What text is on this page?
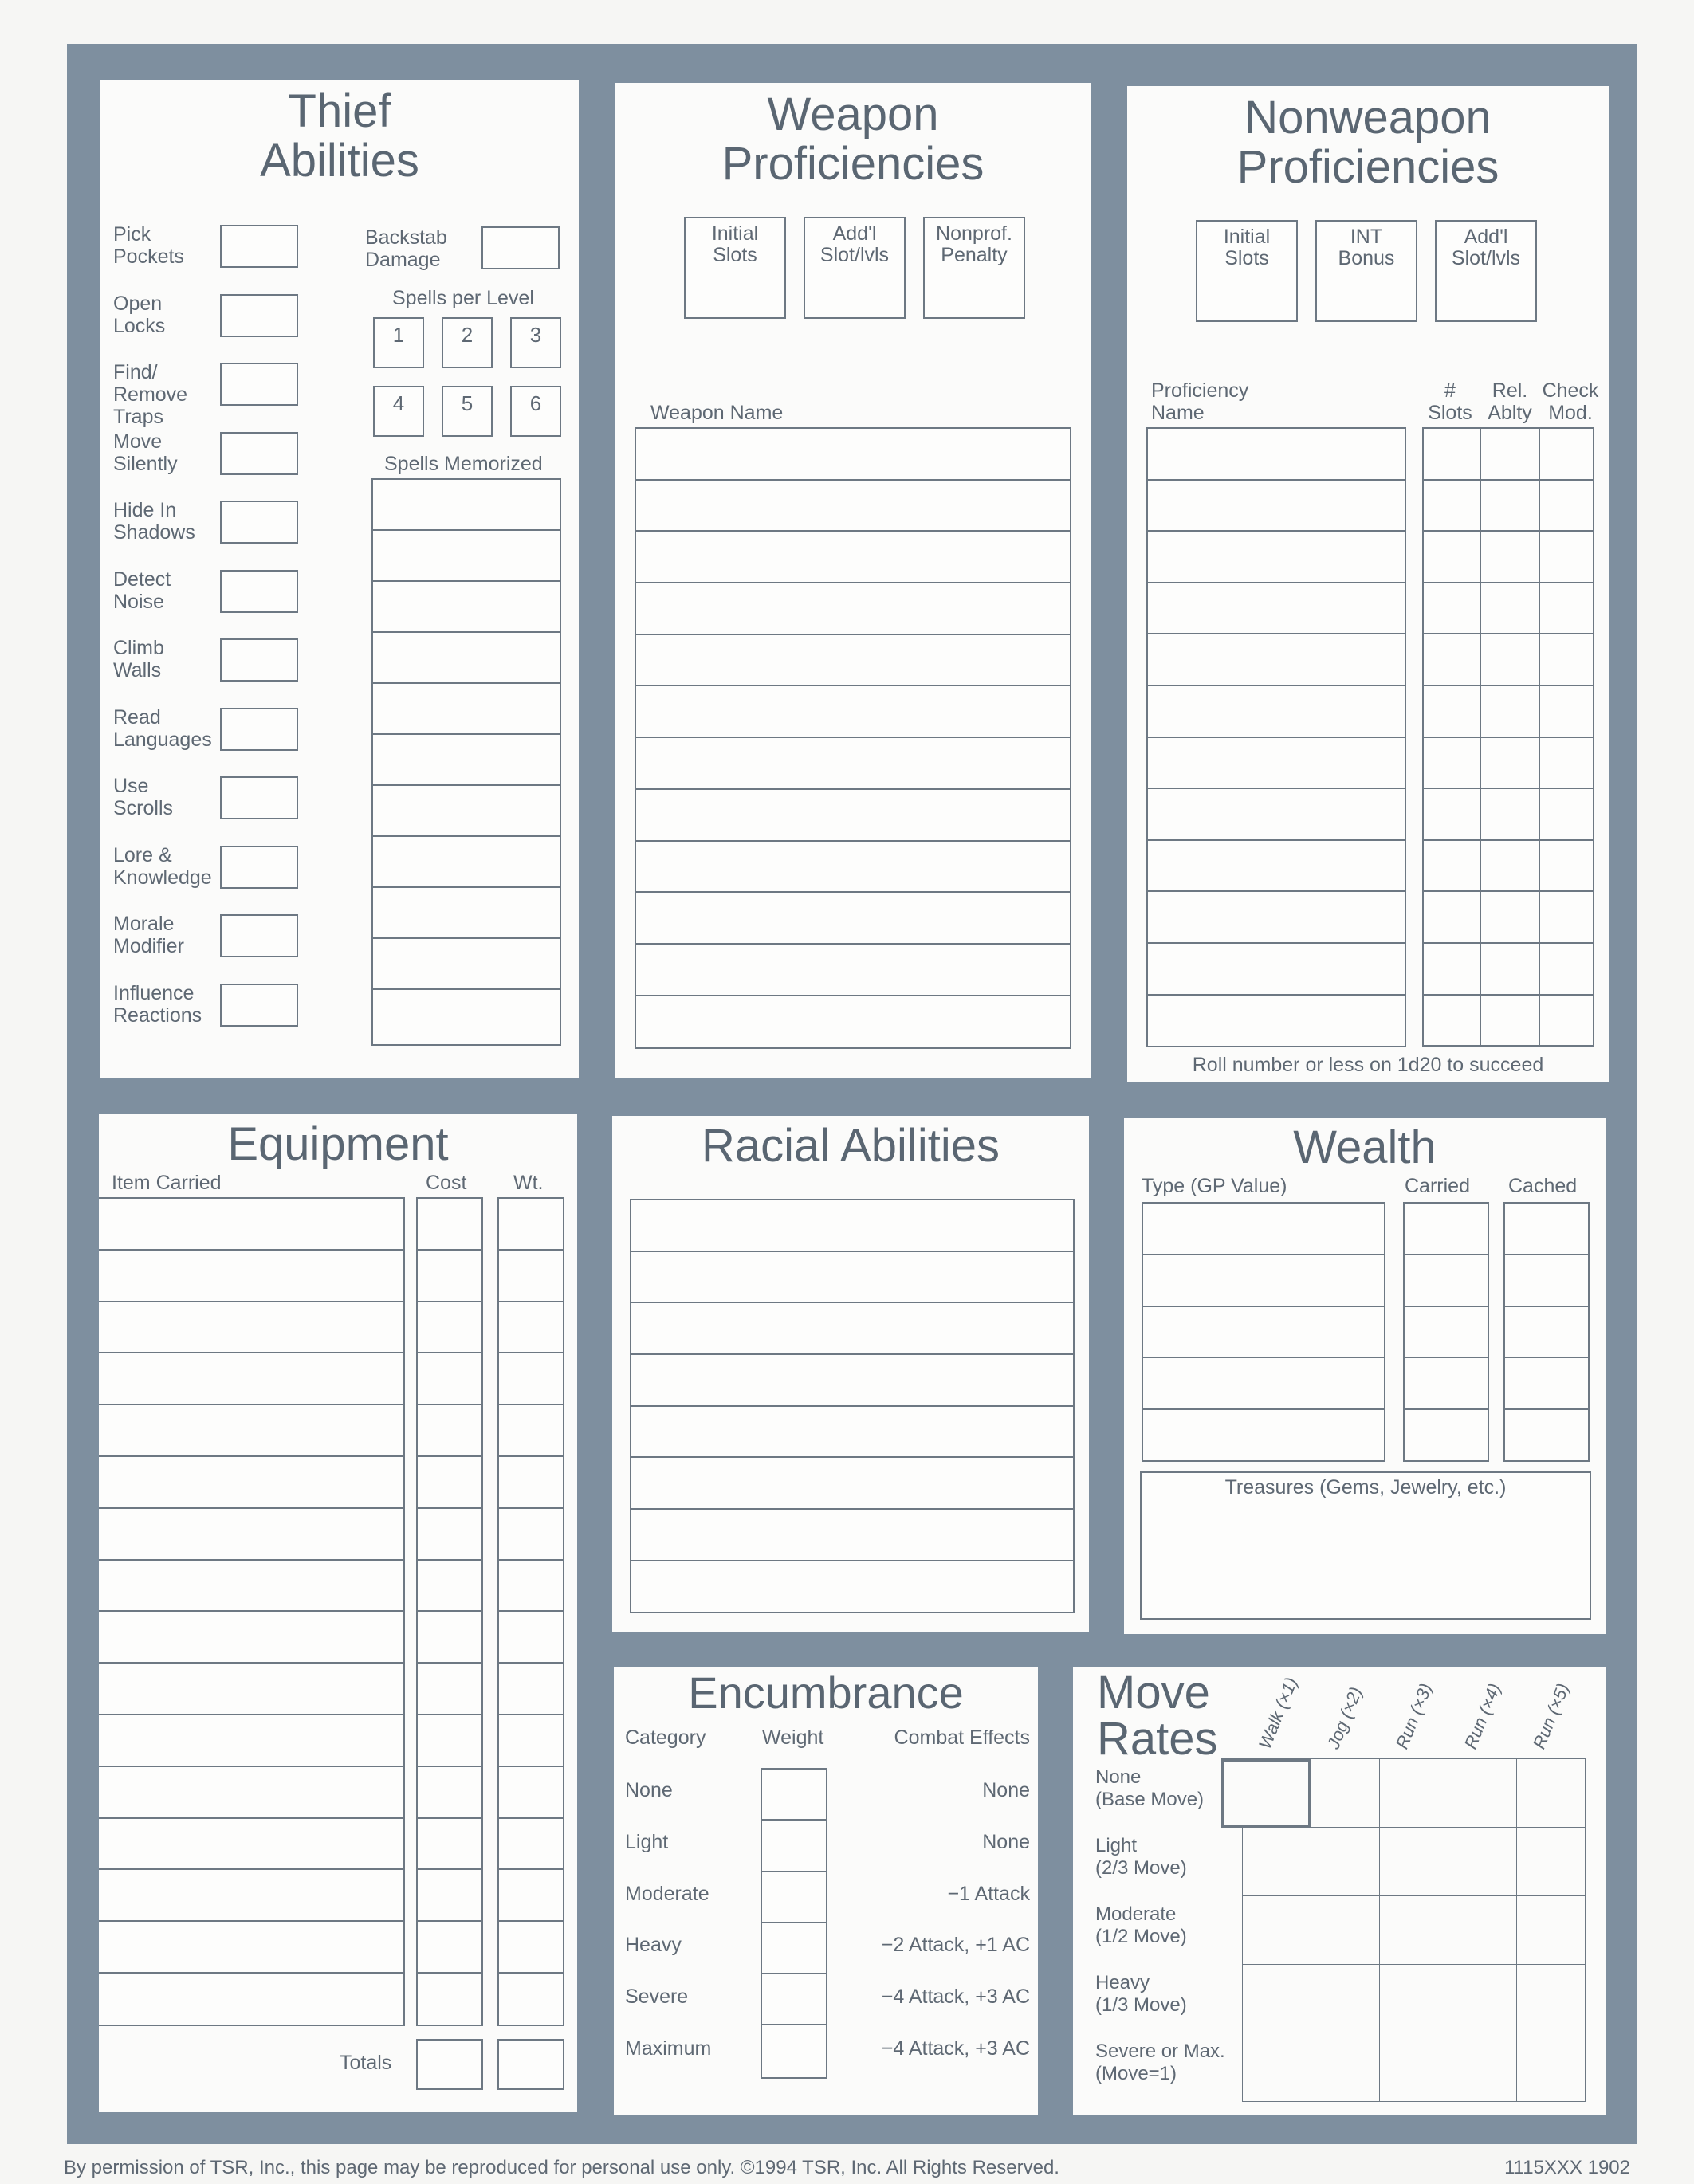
Thief
Abilities
Pick
Pockets
Open
Locks
Find/
Remove
Traps
Move
Silently
Hide In
Shadows
Detect
Noise
Climb
Walls
Read
Languages
Use
Scrolls
Lore &
Knowledge
Morale
Modifier
Influence
Reactions
Backstab
Damage
Spells per Level
1	2	3
4	5	6
Spells Memorized
Weapon
Proficiencies
Initial
Slots
Add'l
Slot/lvls
Nonprof.
Penalty
Weapon Name
Nonweapon
Proficiencies
Initial
Slots
INT
Bonus
Add'l
Slot/lvls
Proficiency
Name
#
Slots
Rel.
Ablty
Check
Mod.
Roll number or less on 1d20 to succeed
Equipment
Item Carried	Cost Wt.
Totals
Racial Abilities	Wealth
Type (GP Value)	Carried Cached
Treasures (Gems, Jewelry, etc.)
Encumbrance
Category	Weight	Combat Effects
None	None
Light	None
Moderate	−1 Attack
Heavy	−2 Attack, +1 AC
Severe	−4 Attack, +3 AC
Maximum	−4 Attack, +3 AC
Move
Rates Walk (×1) Jog (×2) Run (×3) Run (×4) Run (×5)
None
(Base Move)
Light
(2/3 Move)
Moderate
(1/2 Move)
Heavy
(1/3 Move)
Severe or Max.
(Move=1)
By permission of TSR, Inc., this page may be reproduced for personal use only. ©1994 TSR, Inc. All Rights Reserved.	1115XXX 1902
